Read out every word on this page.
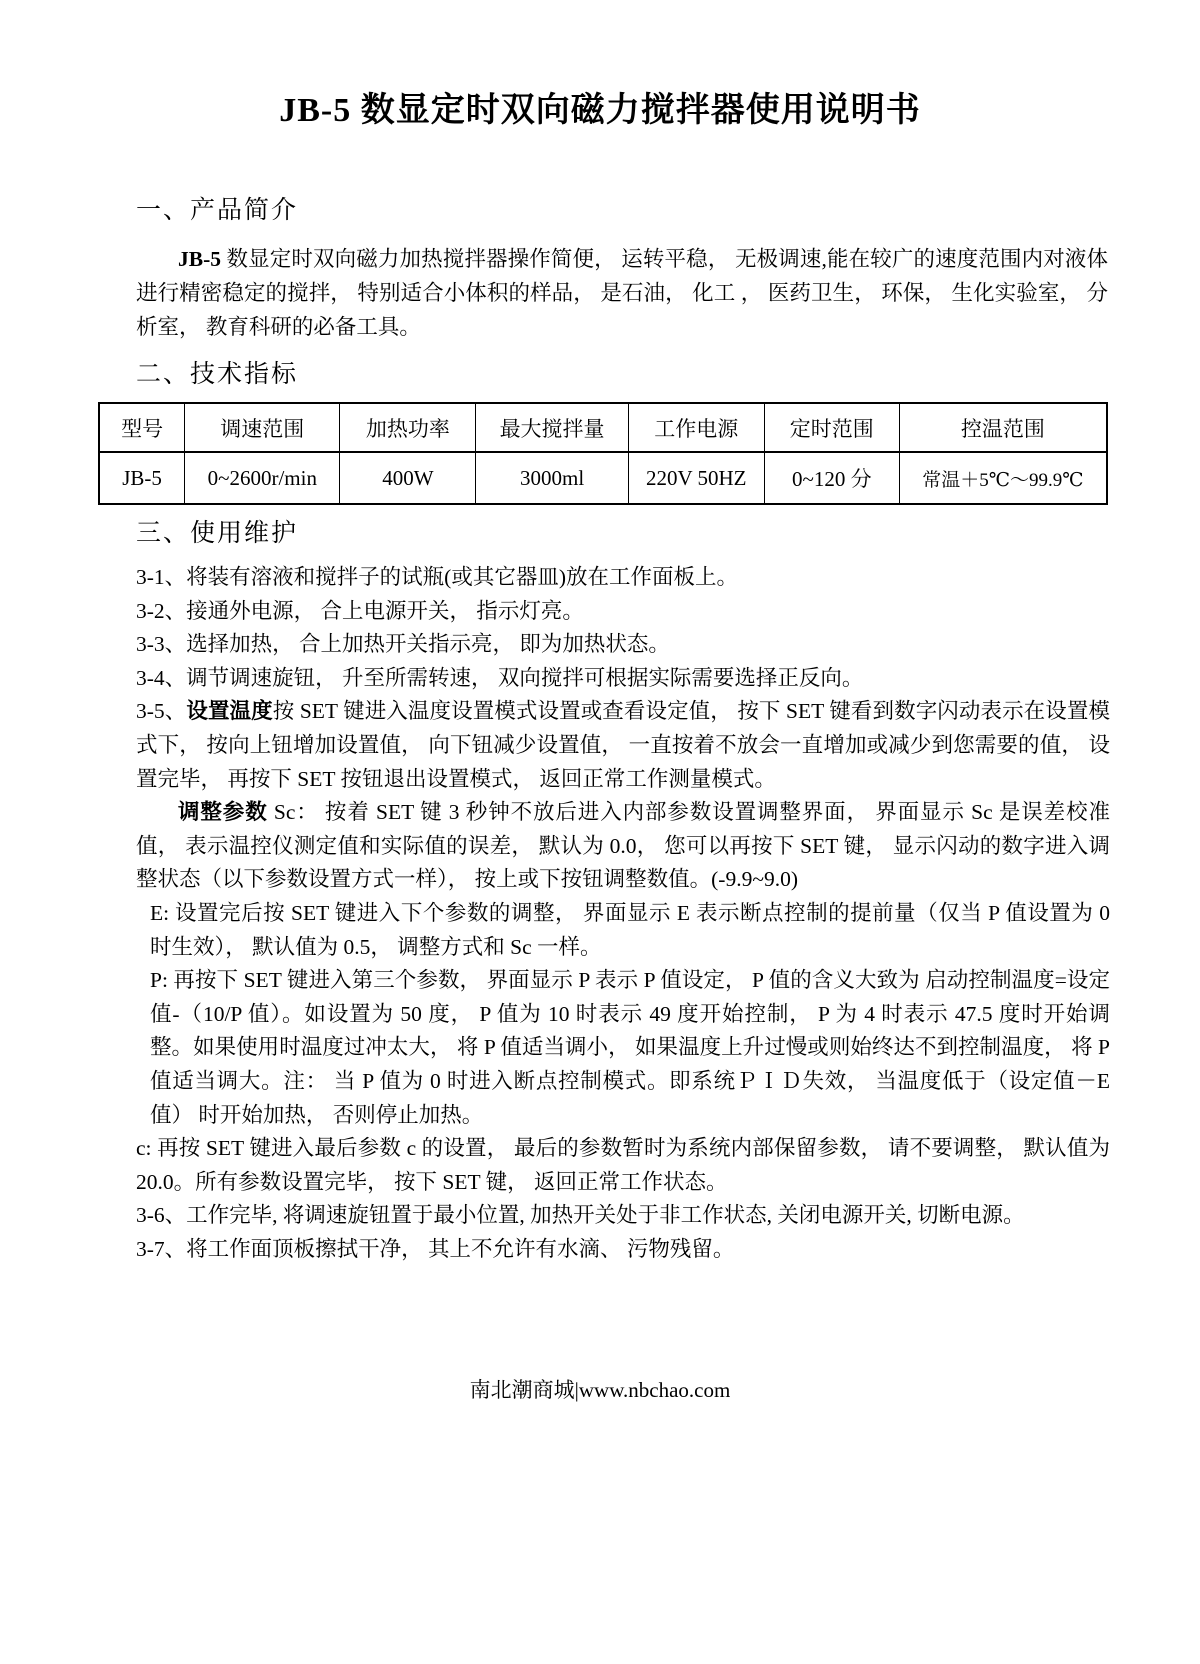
JB-5 数显定时双向磁力搅拌器使用说明书
一、产品简介

JB-5 数显定时双向磁力加热搅拌器操作简便， 运转平稳， 无极调速,能在较广的速度范围内对液体进行精密稳定的搅拌， 特别适合小体积的样品， 是石油， 化工 ， 医药卫生， 环保， 生化实验室， 分析室， 教育科研的必备工具。

二、技术指标
型号	调速范围	加热功率	最大搅拌量	工作电源	定时范围	控温范围
JB-5	0~2600r/min	400W	3000ml	220V 50HZ	0~120 分	常温＋5℃～99.9℃
三、使用维护

3-1、将装有溶液和搅拌子的试瓶(或其它器皿)放在工作面板上。

3-2、接通外电源， 合上电源开关， 指示灯亮。

3-3、选择加热， 合上加热开关指示亮， 即为加热状态。

3-4、调节调速旋钮， 升至所需转速， 双向搅拌可根据实际需要选择正反向。

3-5、设置温度按 SET 键进入温度设置模式设置或查看设定值， 按下 SET 键看到数字闪动表示在设置模式下， 按向上钮增加设置值， 向下钮减少设置值， 一直按着不放会一直增加或减少到您需要的值， 设置完毕， 再按下 SET 按钮退出设置模式， 返回正常工作测量模式。

调整参数 Sc： 按着 SET 键 3 秒钟不放后进入内部参数设置调整界面， 界面显示 Sc 是误差校准值， 表示温控仪测定值和实际值的误差， 默认为 0.0， 您可以再按下 SET 键， 显示闪动的数字进入调整状态（以下参数设置方式一样）， 按上或下按钮调整数值。(-9.9~9.0)

E: 设置完后按 SET 键进入下个参数的调整， 界面显示 E 表示断点控制的提前量（仅当 P 值设置为 0 时生效）， 默认值为 0.5， 调整方式和 Sc 一样。

P: 再按下 SET 键进入第三个参数， 界面显示 P 表示 P 值设定， P 值的含义大致为 启动控制温度=设定值-（10/P 值）。如设置为 50 度， P 值为 10 时表示 49 度开始控制， P 为 4 时表示 47.5 度时开始调整。如果使用时温度过冲太大， 将 P 值适当调小， 如果温度上升过慢或则始终达不到控制温度， 将 P 值适当调大。注： 当 P 值为 0 时进入断点控制模式。即系统ＰＩＤ失效， 当温度低于（设定值－E 值） 时开始加热， 否则停止加热。

c: 再按 SET 键进入最后参数 c 的设置， 最后的参数暂时为系统内部保留参数， 请不要调整， 默认值为 20.0。所有参数设置完毕， 按下 SET 键， 返回正常工作状态。

3-6、工作完毕, 将调速旋钮置于最小位置, 加热开关处于非工作状态, 关闭电源开关, 切断电源。

3-7、将工作面顶板擦拭干净， 其上不允许有水滴、 污物残留。

南北潮商城|www.nbchao.com
